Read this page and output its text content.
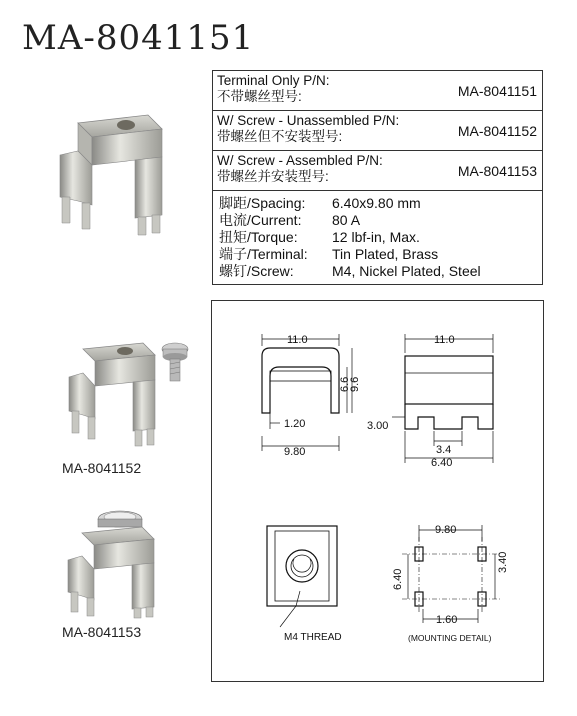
MA-8041151
Terminal Only P/N:
不带螺丝型号:	MA-8041151
W/ Screw - Unassembled P/N:
带螺丝但不安装型号:	MA-8041152
W/ Screw - Assembled P/N:
带螺丝并安装型号:	MA-8041153
脚距/Spacing:	6.40x9.80 mm
电流/Current:	80 A
扭矩/Torque:	12 lbf-in, Max.
端子/Terminal:	Tin Plated, Brass
螺钉/Screw:	M4, Nickel Plated, Steel
MA-8041152
MA-8041153
11.0	11.0
6.6
9.6
1.20
9.80
3.00
3.4
6.40
M4 THREAD
9.80
3.40
6.40
1.60
(MOUNTING DETAIL)
